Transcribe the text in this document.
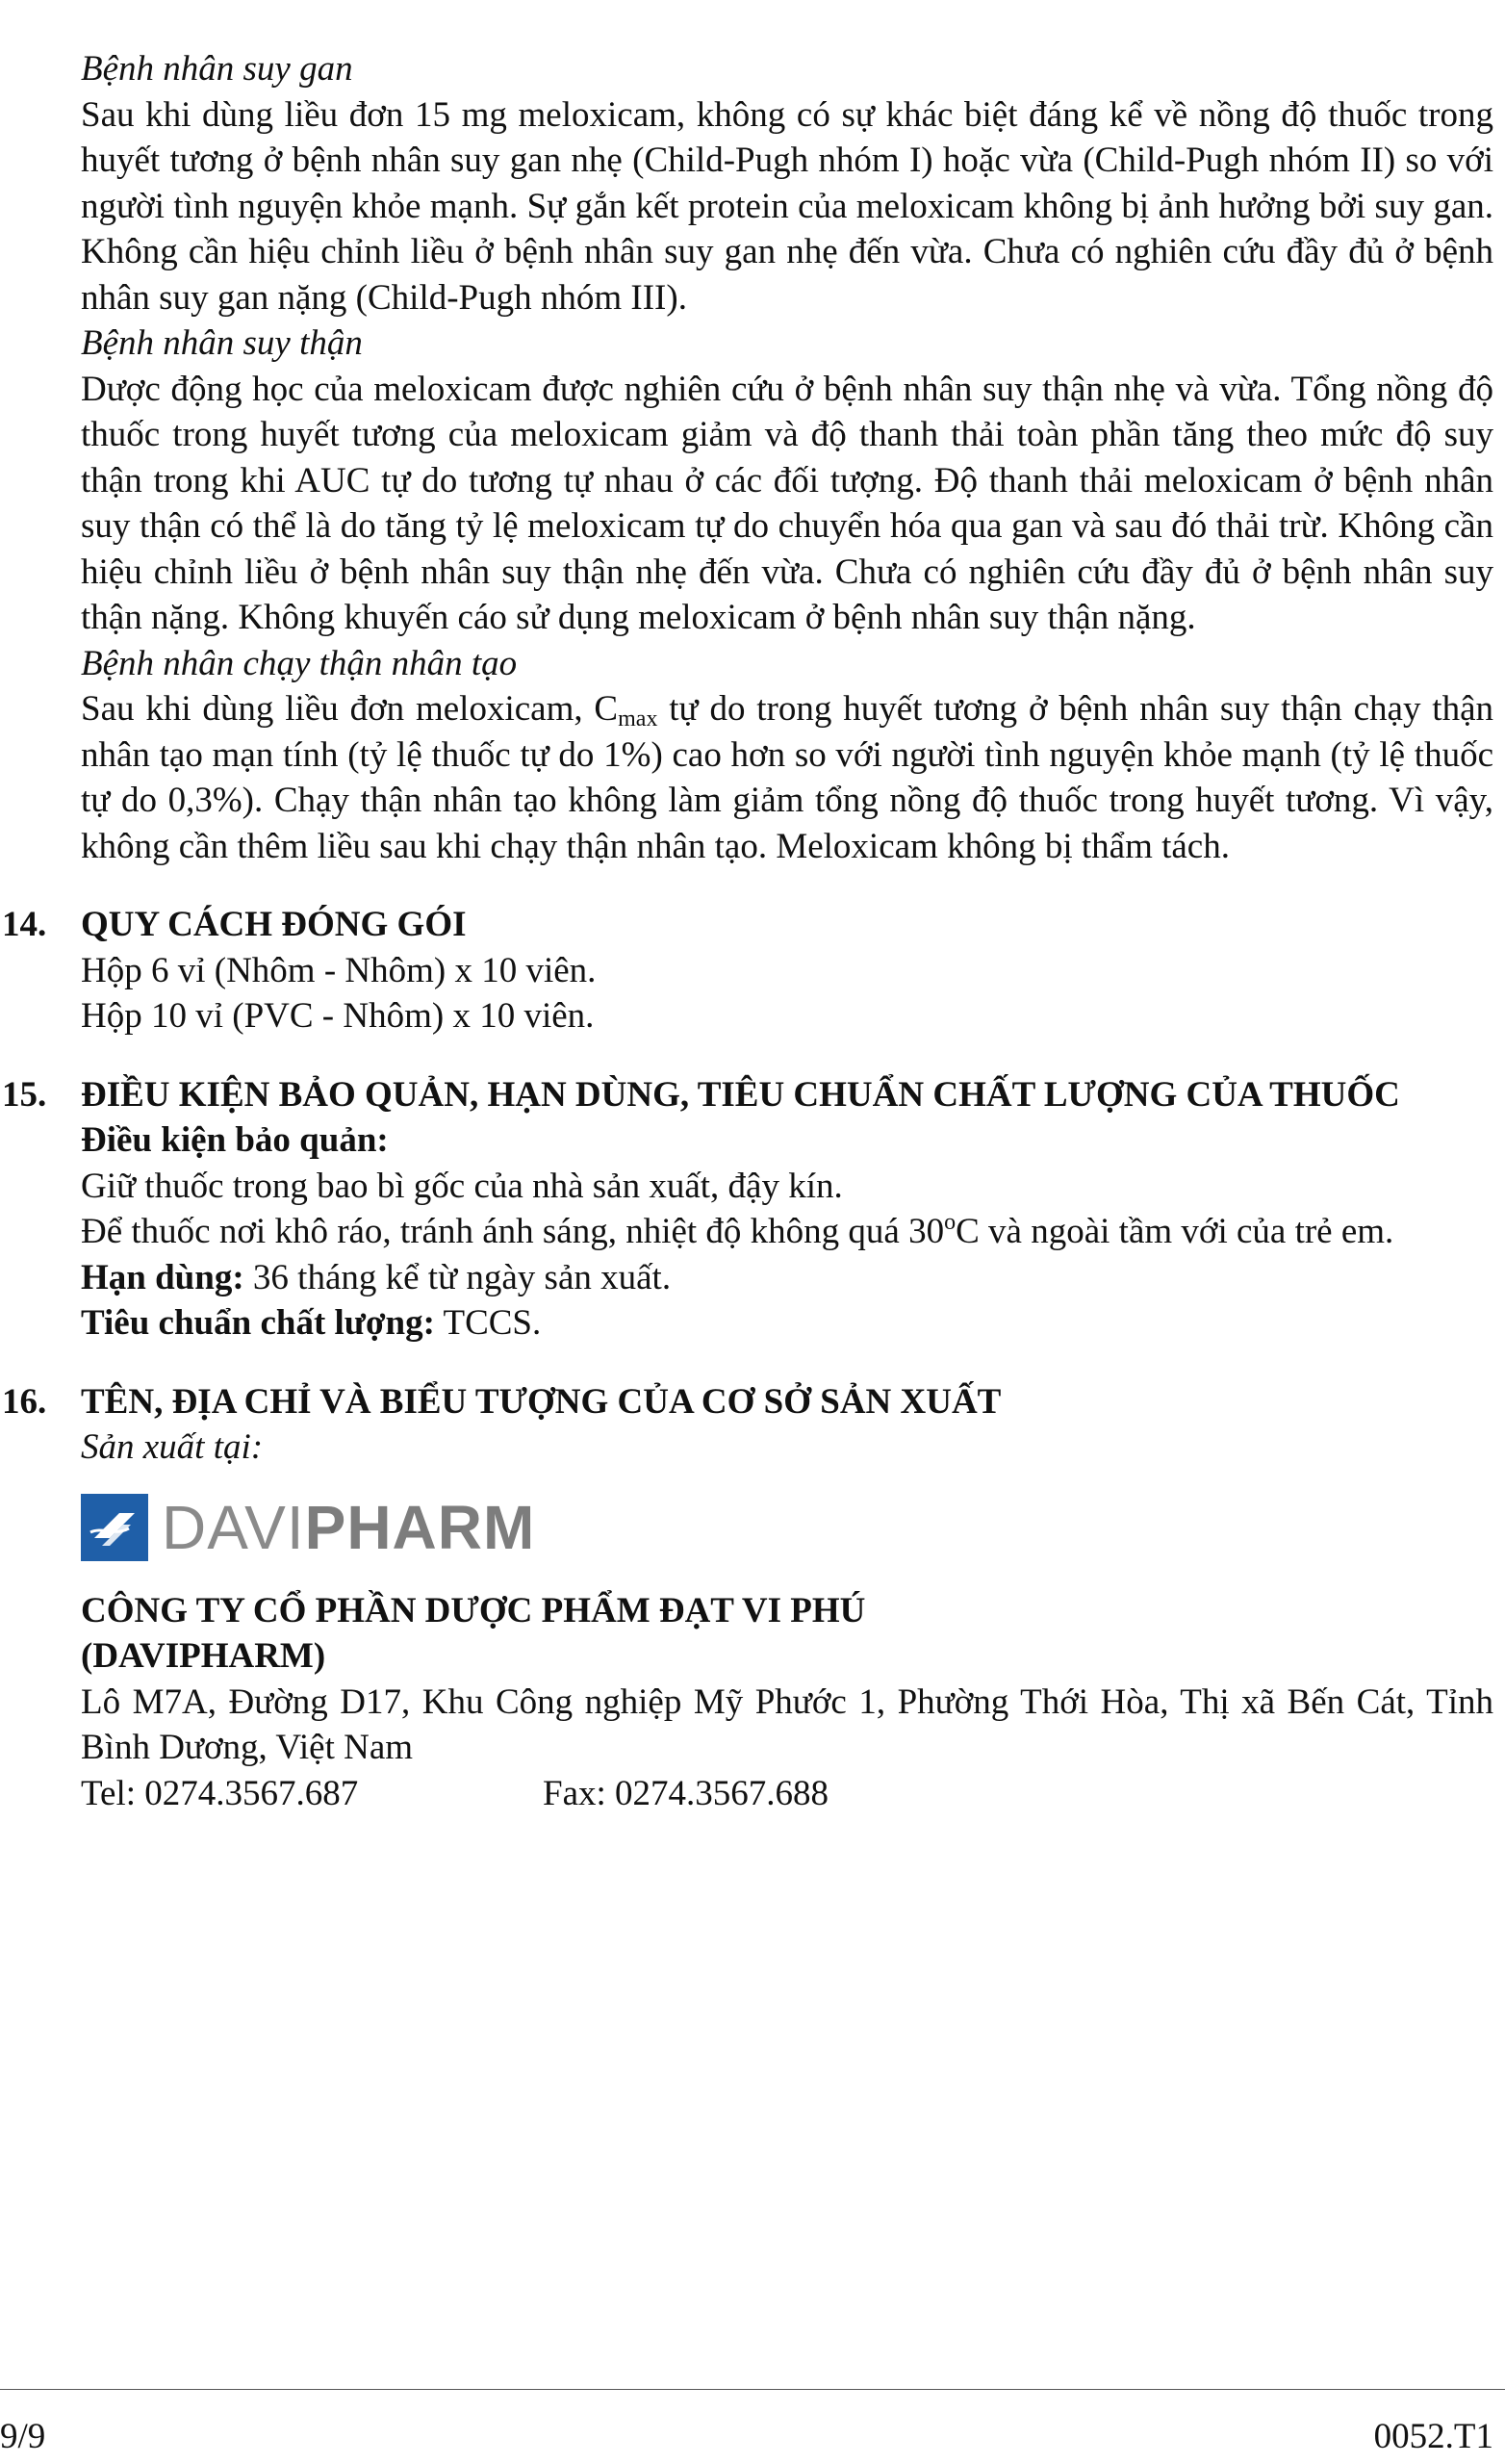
Bệnh nhân suy gan

Sau khi dùng liều đơn 15 mg meloxicam, không có sự khác biệt đáng kể về nồng độ thuốc trong huyết tương ở bệnh nhân suy gan nhẹ (Child-Pugh nhóm I) hoặc vừa (Child-Pugh nhóm II) so với người tình nguyện khỏe mạnh. Sự gắn kết protein của meloxicam không bị ảnh hưởng bởi suy gan. Không cần hiệu chỉnh liều ở bệnh nhân suy gan nhẹ đến vừa. Chưa có nghiên cứu đầy đủ ở bệnh nhân suy gan nặng (Child-Pugh nhóm III).

Bệnh nhân suy thận

Dược động học của meloxicam được nghiên cứu ở bệnh nhân suy thận nhẹ và vừa. Tổng nồng độ thuốc trong huyết tương của meloxicam giảm và độ thanh thải toàn phần tăng theo mức độ suy thận trong khi AUC tự do tương tự nhau ở các đối tượng. Độ thanh thải meloxicam ở bệnh nhân suy thận có thể là do tăng tỷ lệ meloxicam tự do chuyển hóa qua gan và sau đó thải trừ. Không cần hiệu chỉnh liều ở bệnh nhân suy thận nhẹ đến vừa. Chưa có nghiên cứu đầy đủ ở bệnh nhân suy thận nặng. Không khuyến cáo sử dụng meloxicam ở bệnh nhân suy thận nặng.

Bệnh nhân chạy thận nhân tạo

Sau khi dùng liều đơn meloxicam, $C_{max}$ tự do trong huyết tương ở bệnh nhân suy thận chạy thận nhân tạo mạn tính (tỷ lệ thuốc tự do 1%) cao hơn so với người tình nguyện khỏe mạnh (tỷ lệ thuốc tự do 0,3%). Chạy thận nhân tạo không làm giảm tổng nồng độ thuốc trong huyết tương. Vì vậy, không cần thêm liều sau khi chạy thận nhân tạo. Meloxicam không bị thẩm tách.

14. QUY CÁCH ĐÓNG GÓI

Hộp 6 vỉ (Nhôm - Nhôm) x 10 viên.

Hộp 10 vỉ (PVC - Nhôm) x 10 viên.

15. ĐIỀU KIỆN BẢO QUẢN, HẠN DÙNG, TIÊU CHUẨN CHẤT LƯỢNG CỦA THUỐC

Điều kiện bảo quản:

Giữ thuốc trong bao bì gốc của nhà sản xuất, đậy kín.

Để thuốc nơi khô ráo, tránh ánh sáng, nhiệt độ không quá 30$^o$C và ngoài tầm với của trẻ em.

Hạn dùng: 36 tháng kể từ ngày sản xuất.

Tiêu chuẩn chất lượng: TCCS.

16. TÊN, ĐỊA CHỈ VÀ BIỂU TƯỢNG CỦA CƠ SỞ SẢN XUẤT

Sản xuất tại:

DAVIPHARM

CÔNG TY CỔ PHẦN DƯỢC PHẨM ĐẠT VI PHÚ

(DAVIPHARM)

Lô M7A, Đường D17, Khu Công nghiệp Mỹ Phước 1, Phường Thới Hòa, Thị xã Bến Cát, Tỉnh Bình Dương, Việt Nam

Tel: 0274.3567.687	Fax: 0274.3567.688
9/9	0052.T1
